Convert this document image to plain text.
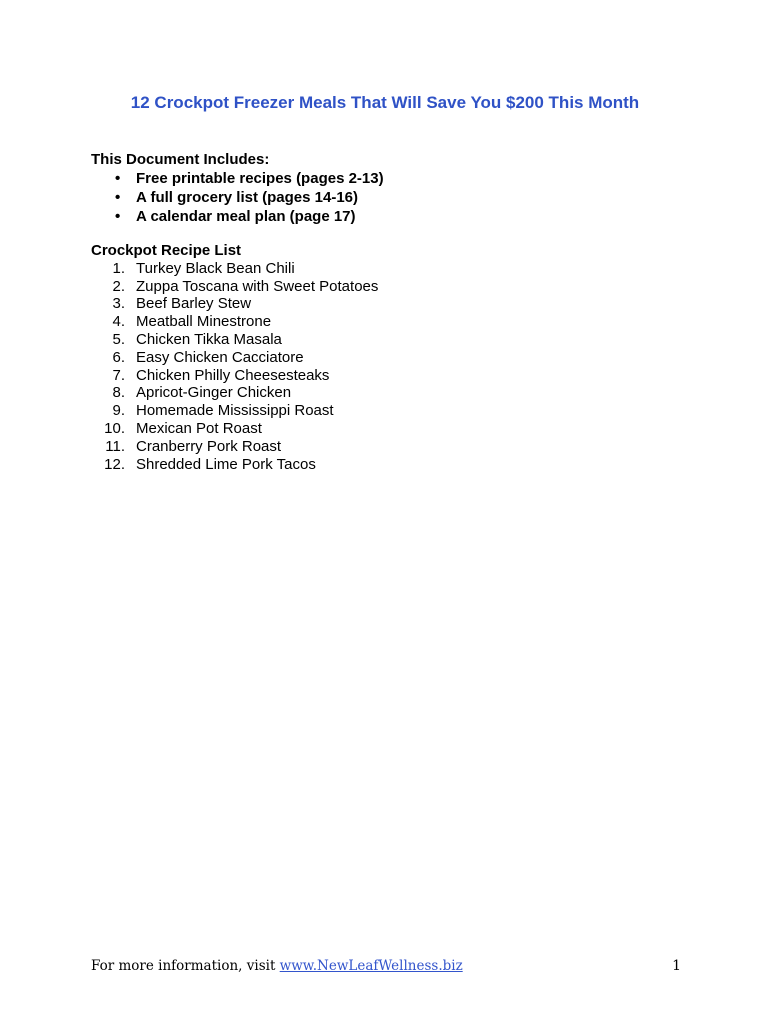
12 Crockpot Freezer Meals That Will Save You $200 This Month

This Document Includes:

• Free printable recipes (pages 2-13)
• A full grocery list (pages 14-16)
• A calendar meal plan (page 17)

Crockpot Recipe List

1. Turkey Black Bean Chili
2. Zuppa Toscana with Sweet Potatoes
3. Beef Barley Stew
4. Meatball Minestrone
5. Chicken Tikka Masala
6. Easy Chicken Cacciatore
7. Chicken Philly Cheesesteaks
8. Apricot-Ginger Chicken
9. Homemade Mississippi Roast
10. Mexican Pot Roast
11. Cranberry Pork Roast
12. Shredded Lime Pork Tacos
For more information, visit www.NewLeafWellness.biz	1
